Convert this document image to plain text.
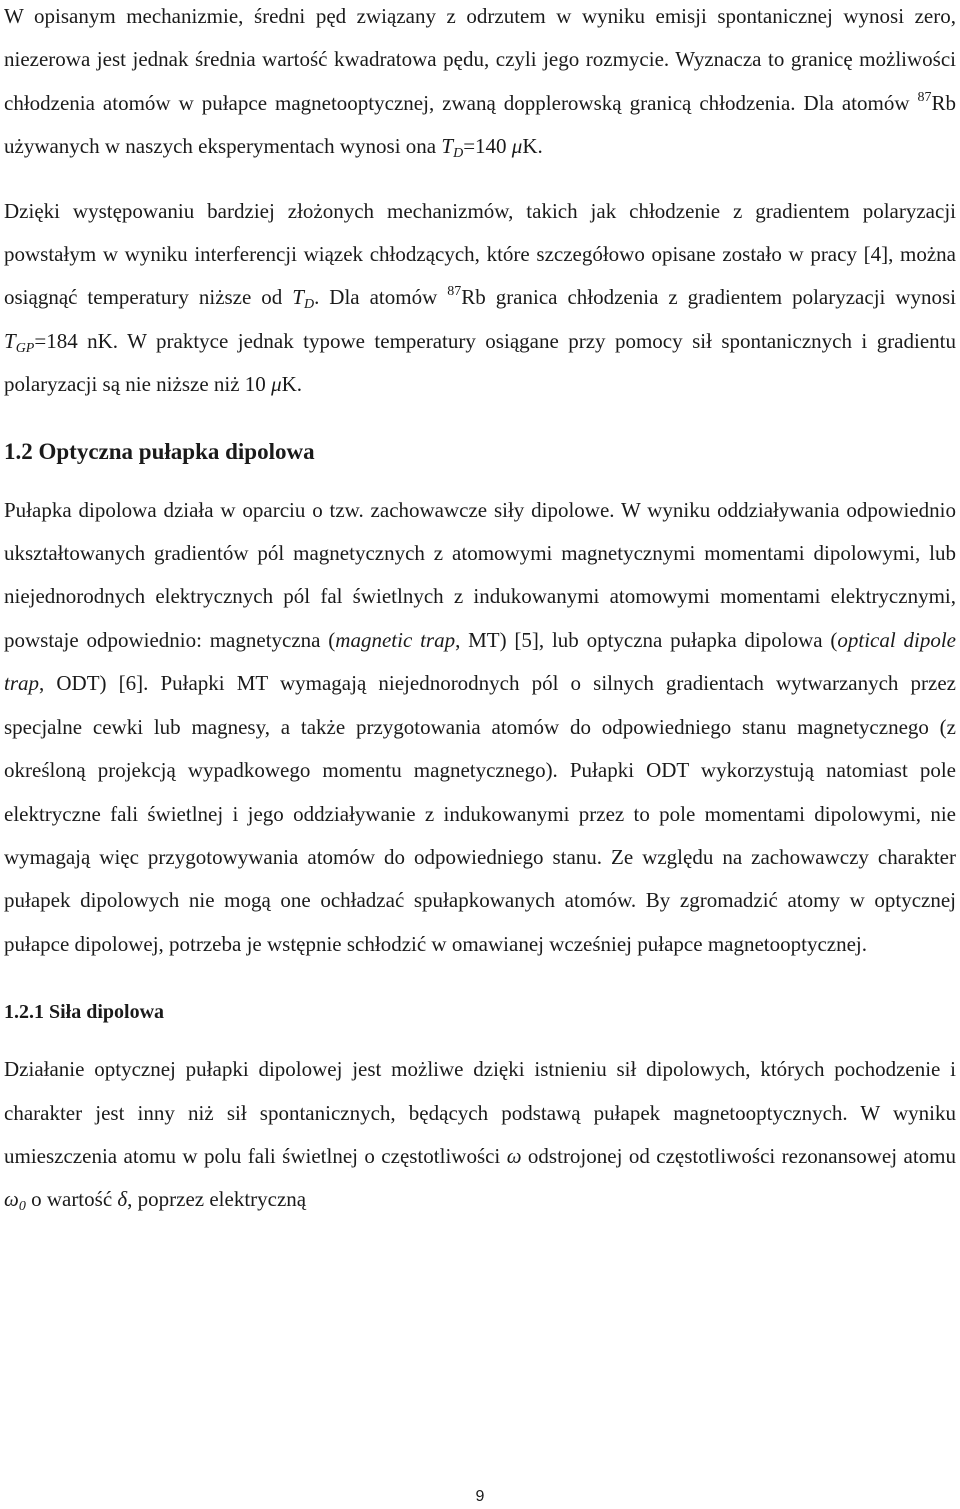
W opisanym mechanizmie, średni pęd związany z odrzutem w wyniku emisji spontanicznej wynosi zero, niezerowa jest jednak średnia wartość kwadratowa pędu, czyli jego rozmycie. Wyznacza to granicę możliwości chłodzenia atomów w pułapce magnetooptycznej, zwaną dopplerowską granicą chłodzenia. Dla atomów $^{87}$Rb używanych w naszych eksperymentach wynosi ona $T_D=140$ μK.

Dzięki występowaniu bardziej złożonych mechanizmów, takich jak chłodzenie z gradientem polaryzacji powstałym w wyniku interferencji wiązek chłodzących, które szczegółowo opisane zostało w pracy [4], można osiągnąć temperatury niższe od $T_D$. Dla atomów $^{87}$Rb granica chłodzenia z gradientem polaryzacji wynosi $T_{GP}=184$ nK. W praktyce jednak typowe temperatury osiągane przy pomocy sił spontanicznych i gradientu polaryzacji są nie niższe niż 10 μK.

1.2 Optyczna pułapka dipolowa

Pułapka dipolowa działa w oparciu o tzw. zachowawcze siły dipolowe. W wyniku oddziaływania odpowiednio ukształtowanych gradientów pól magnetycznych z atomowymi magnetycznymi momentami dipolowymi, lub niejednorodnych elektrycznych pól fal świetlnych z indukowanymi atomowymi momentami elektrycznymi, powstaje odpowiednio: magnetyczna (magnetic trap, MT) [5], lub optyczna pułapka dipolowa (optical dipole trap, ODT) [6]. Pułapki MT wymagają niejednorodnych pól o silnych gradientach wytwarzanych przez specjalne cewki lub magnesy, a także przygotowania atomów do odpowiedniego stanu magnetycznego (z określoną projekcją wypadkowego momentu magnetycznego). Pułapki ODT wykorzystują natomiast pole elektryczne fali świetlnej i jego oddziaływanie z indukowanymi przez to pole momentami dipolowymi, nie wymagają więc przygotowywania atomów do odpowiedniego stanu. Ze względu na zachowawczy charakter pułapek dipolowych nie mogą one ochładzać spułapkowanych atomów. By zgromadzić atomy w optycznej pułapce dipolowej, potrzeba je wstępnie schłodzić w omawianej wcześniej pułapce magnetooptycznej.

1.2.1 Siła dipolowa

Działanie optycznej pułapki dipolowej jest możliwe dzięki istnieniu sił dipolowych, których pochodzenie i charakter jest inny niż sił spontanicznych, będących podstawą pułapek magnetooptycznych. W wyniku umieszczenia atomu w polu fali świetlnej o częstotliwości ω odstrojonej od częstotliwości rezonansowej atomu $\omega_0$ o wartość δ, poprzez elektryczną

9
